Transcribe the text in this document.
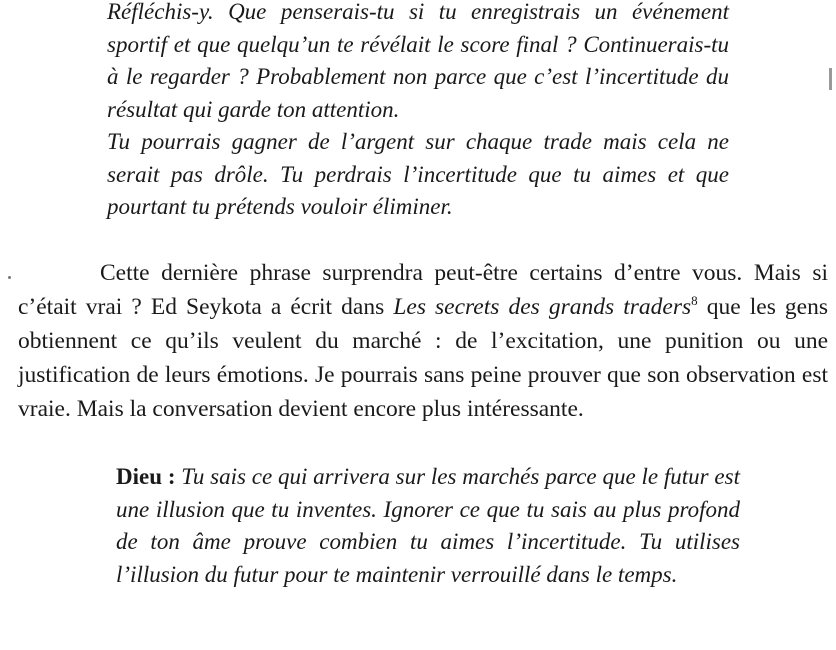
Réfléchis-y. Que penserais-tu si tu enregistrais un événement sportif et que quelqu’un te révélait le score final ? Continuerais-tu à le regarder ? Probablement non parce que c’est l’incertitude du résultat qui garde ton attention.

Tu pourrais gagner de l’argent sur chaque trade mais cela ne serait pas drôle. Tu perdrais l’incertitude que tu aimes et que pourtant tu prétends vouloir éliminer.

Cette dernière phrase surprendra peut-être certains d’entre vous. Mais si c’était vrai ? Ed Seykota a écrit dans Les secrets des grands traders$^8$ que les gens obtiennent ce qu’ils veulent du marché : de l’excitation, une punition ou une justification de leurs émotions. Je pourrais sans peine prouver que son observation est vraie. Mais la conversation devient encore plus intéressante.

Dieu : Tu sais ce qui arrivera sur les marchés parce que le futur est une illusion que tu inventes. Ignorer ce que tu sais au plus profond de ton âme prouve combien tu aimes l’incertitude. Tu utilises l’illusion du futur pour te maintenir verrouillé dans le temps.
